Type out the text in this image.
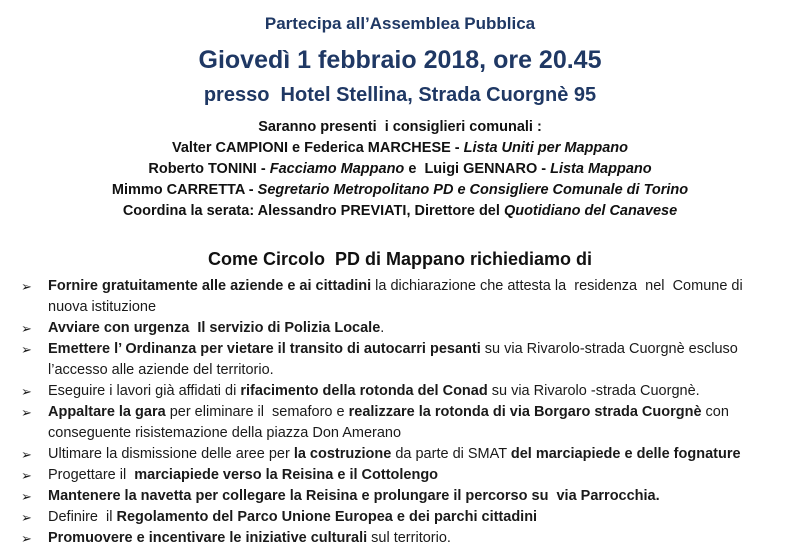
Partecipa all’Assemblea Pubblica
Giovedì 1 febbraio 2018, ore 20.45
presso  Hotel Stellina, Strada Cuorgnè 95
Saranno presenti  i consiglieri comunali :
Valter CAMPIONI e Federica MARCHESE - Lista Uniti per Mappano
Roberto TONINI - Facciamo Mappano e  Luigi GENNARO - Lista Mappano
Mimmo CARRETTA - Segretario Metropolitano PD e Consigliere Comunale di Torino
Coordina la serata: Alessandro PREVIATI, Direttore del Quotidiano del Canavese
Come Circolo  PD di Mappano richiediamo di
➢	Fornire gratuitamente alle aziende e ai cittadini la dichiarazione che attesta la  residenza  nel  Comune di nuova istituzione
➢	Avviare con urgenza  Il servizio di Polizia Locale.
➢	Emettere l’ Ordinanza per vietare il transito di autocarri pesanti su via Rivarolo-strada Cuorgnè escluso l’accesso alle aziende del territorio.
➢	Eseguire i lavori già affidati di rifacimento della rotonda del Conad su via Rivarolo -strada Cuorgnè.
➢	Appaltare la gara per eliminare il  semaforo e realizzare la rotonda di via Borgaro strada Cuorgnè con conseguente risistemazione della piazza Don Amerano
➢	Ultimare la dismissione delle aree per la costruzione da parte di SMAT del marciapiede e delle fognature
➢	Progettare il  marciapiede verso la Reisina e il Cottolengo
➢	Mantenere la navetta per collegare la Reisina e prolungare il percorso su  via Parrocchia.
➢	Definire  il Regolamento del Parco Unione Europea e dei parchi cittadini
➢	Promuovere e incentivare le iniziative culturali sul territorio.
